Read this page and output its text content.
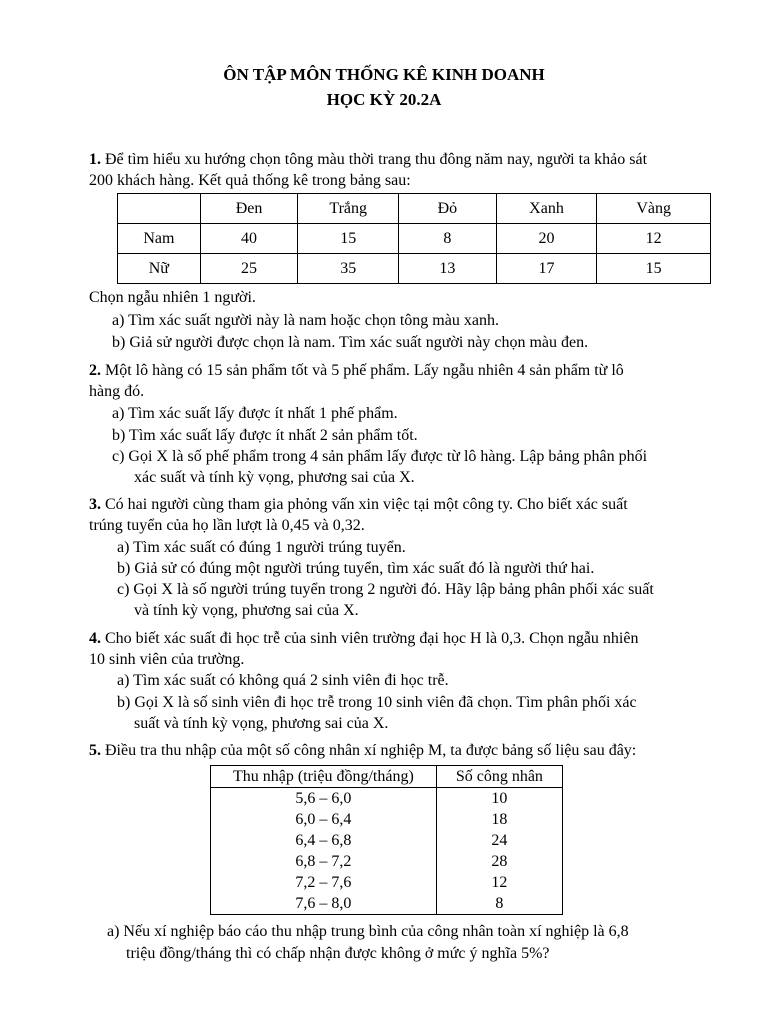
ÔN TẬP MÔN THỐNG KÊ KINH DOANH
HỌC KỲ 20.2A
1. Để tìm hiểu xu hướng chọn tông màu thời trang thu đông năm nay, người ta khảo sát
200 khách hàng. Kết quả thống kê trong bảng sau:
	Đen	Trắng	Đỏ	Xanh	Vàng
Nam	40	15	8	20	12
Nữ	25	35	13	17	15
Chọn ngẫu nhiên 1 người.
a) Tìm xác suất người này là nam hoặc chọn tông màu xanh.
b) Giả sử người được chọn là nam. Tìm xác suất người này chọn màu đen.
2. Một lô hàng có 15 sản phẩm tốt và 5 phế phẩm. Lấy ngẫu nhiên 4 sản phẩm từ lô
hàng đó.
a) Tìm xác suất lấy được ít nhất 1 phế phẩm.
b) Tìm xác suất lấy được ít nhất 2 sản phẩm tốt.
c) Gọi X là số phế phẩm trong 4 sản phẩm lấy được từ lô hàng. Lập bảng phân phối
xác suất và tính kỳ vọng, phương sai của X.
3. Có hai người cùng tham gia phỏng vấn xin việc tại một công ty. Cho biết xác suất
trúng tuyển của họ lần lượt là 0,45 và 0,32.
a) Tìm xác suất có đúng 1 người trúng tuyển.
b) Giả sử có đúng một người trúng tuyển, tìm xác suất đó là người thứ hai.
c) Gọi X là số người trúng tuyển trong 2 người đó. Hãy lập bảng phân phối xác suất
và tính kỳ vọng, phương sai của X.
4. Cho biết xác suất đi học trễ của sinh viên trường đại học H là 0,3. Chọn ngẫu nhiên
10 sinh viên của trường.
a) Tìm xác suất có không quá 2 sinh viên đi học trễ.
b) Gọi X là số sinh viên đi học trễ trong 10 sinh viên đã chọn. Tìm phân phối xác
suất và tính kỳ vọng, phương sai của X.
5. Điều tra thu nhập của một số công nhân xí nghiệp M, ta được bảng số liệu sau đây:
Thu nhập (triệu đồng/tháng)	Số công nhân
5,6 – 6,0	10
6,0 – 6,4	18
6,4 – 6,8	24
6,8 – 7,2	28
7,2 – 7,6	12
7,6 – 8,0	8
a) Nếu xí nghiệp báo cáo thu nhập trung bình của công nhân toàn xí nghiệp là 6,8
triệu đồng/tháng thì có chấp nhận được không ở mức ý nghĩa 5%?
